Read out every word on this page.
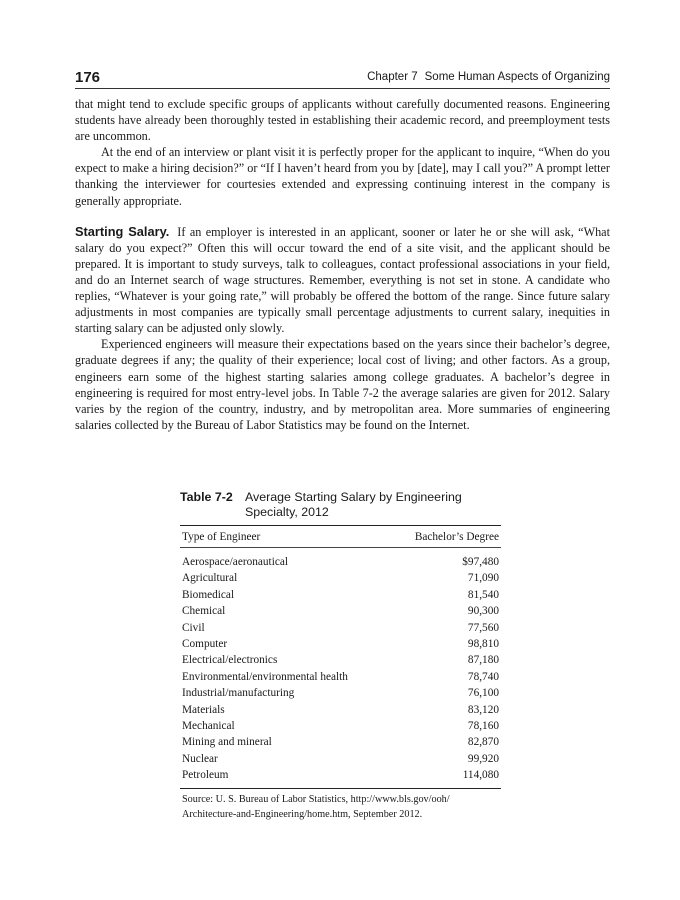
176	Chapter 7 Some Human Aspects of Organizing

that might tend to exclude specific groups of applicants without carefully documented reasons. Engineering students have already been thoroughly tested in establishing their academic record, and preemployment tests are uncommon.

At the end of an interview or plant visit it is perfectly proper for the applicant to inquire, “When do you expect to make a hiring decision?” or “If I haven’t heard from you by [date], may I call you?” A prompt letter thanking the interviewer for courtesies extended and expressing continuing interest in the company is generally appropriate.

Starting Salary. If an employer is interested in an applicant, sooner or later he or she will ask, “What salary do you expect?” Often this will occur toward the end of a site visit, and the applicant should be prepared. It is important to study surveys, talk to colleagues, contact professional associations in your field, and do an Internet search of wage structures. Remember, everything is not set in stone. A candidate who replies, “Whatever is your going rate,” will probably be offered the bottom of the range. Since future salary adjustments in most companies are typically small percentage adjustments to current salary, inequities in starting salary can be adjusted only slowly.

Experienced engineers will measure their expectations based on the years since their bachelor’s degree, graduate degrees if any; the quality of their experience; local cost of living; and other factors. As a group, engineers earn some of the highest starting salaries among college graduates. A bachelor’s degree in engineering is required for most entry-level jobs. In Table 7-2 the average salaries are given for 2012. Salary varies by the region of the country, industry, and by metropolitan area. More summaries of engineering salaries collected by the Bureau of Labor Statistics may be found on the Internet.

Table 7-2 Average Starting Salary by Engineering Specialty, 2012
Type of Engineer	Bachelor’s Degree
Aerospace/aeronautical	$97,480
Agricultural	71,090
Biomedical	81,540
Chemical	90,300
Civil	77,560
Computer	98,810
Electrical/electronics	87,180
Environmental/environmental health	78,740
Industrial/manufacturing	76,100
Materials	83,120
Mechanical	78,160
Mining and mineral	82,870
Nuclear	99,920
Petroleum	114,080
Source: U. S. Bureau of Labor Statistics, http://www.bls.gov/ooh/
Architecture-and-Engineering/home.htm, September 2012.
